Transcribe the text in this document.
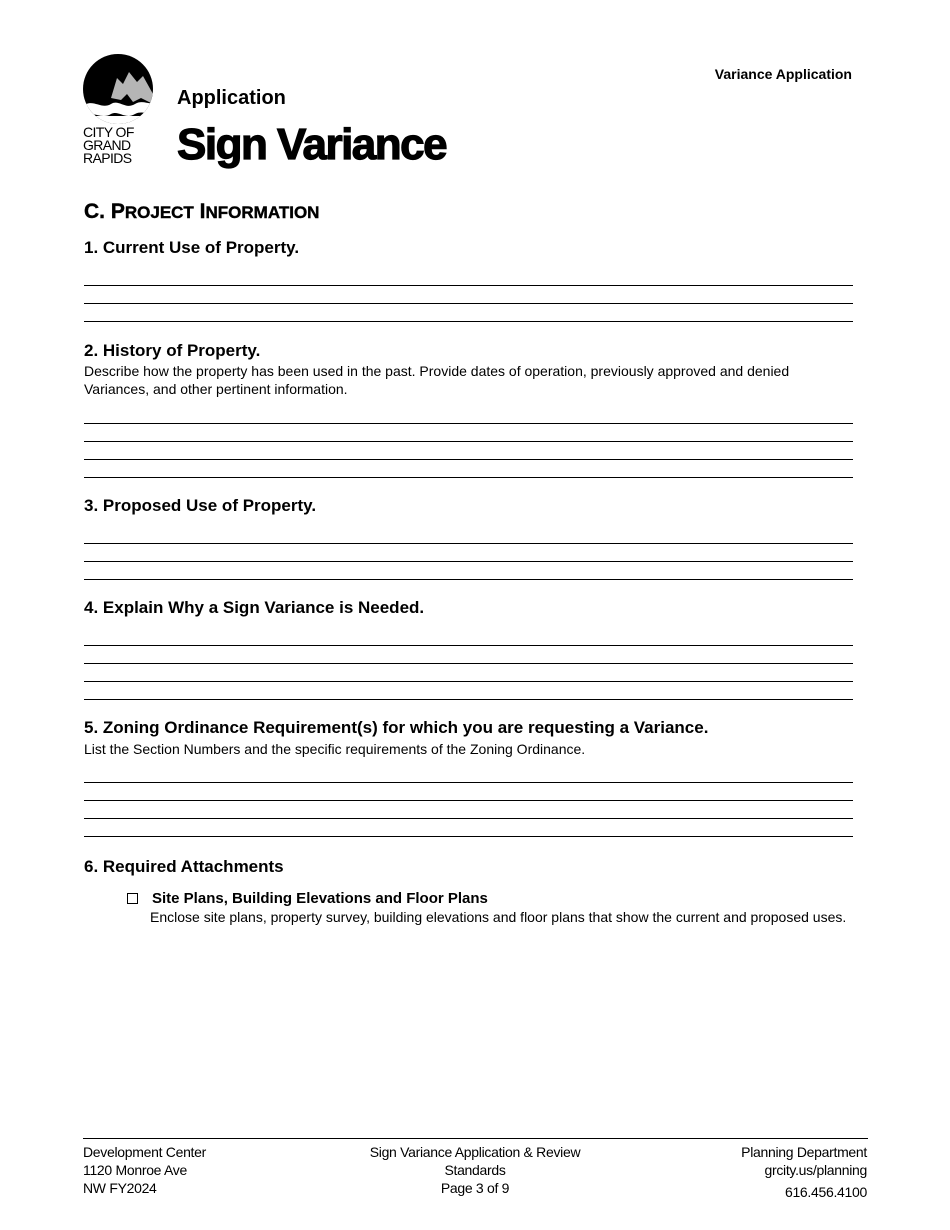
CITY OF
GRAND
RAPIDS
Application
Sign Variance
Variance Application
C. PROJECT INFORMATION
1. Current Use of Property.
2. History of Property.
Describe how the property has been used in the past. Provide dates of operation, previously approved and denied Variances, and other pertinent information.
3. Proposed Use of Property.
4. Explain Why a Sign Variance is Needed.
5. Zoning Ordinance Requirement(s) for which you are requesting a Variance.
List the Section Numbers and the specific requirements of the Zoning Ordinance.
6. Required Attachments
Site Plans, Building Elevations and Floor Plans
Enclose site plans, property survey, building elevations and floor plans that show the current and proposed uses.
Development Center
1120 Monroe Ave
NW FY2024
Sign Variance Application & Review
Standards
Page 3 of 9
Planning Department
grcity.us/planning
616.456.4100
